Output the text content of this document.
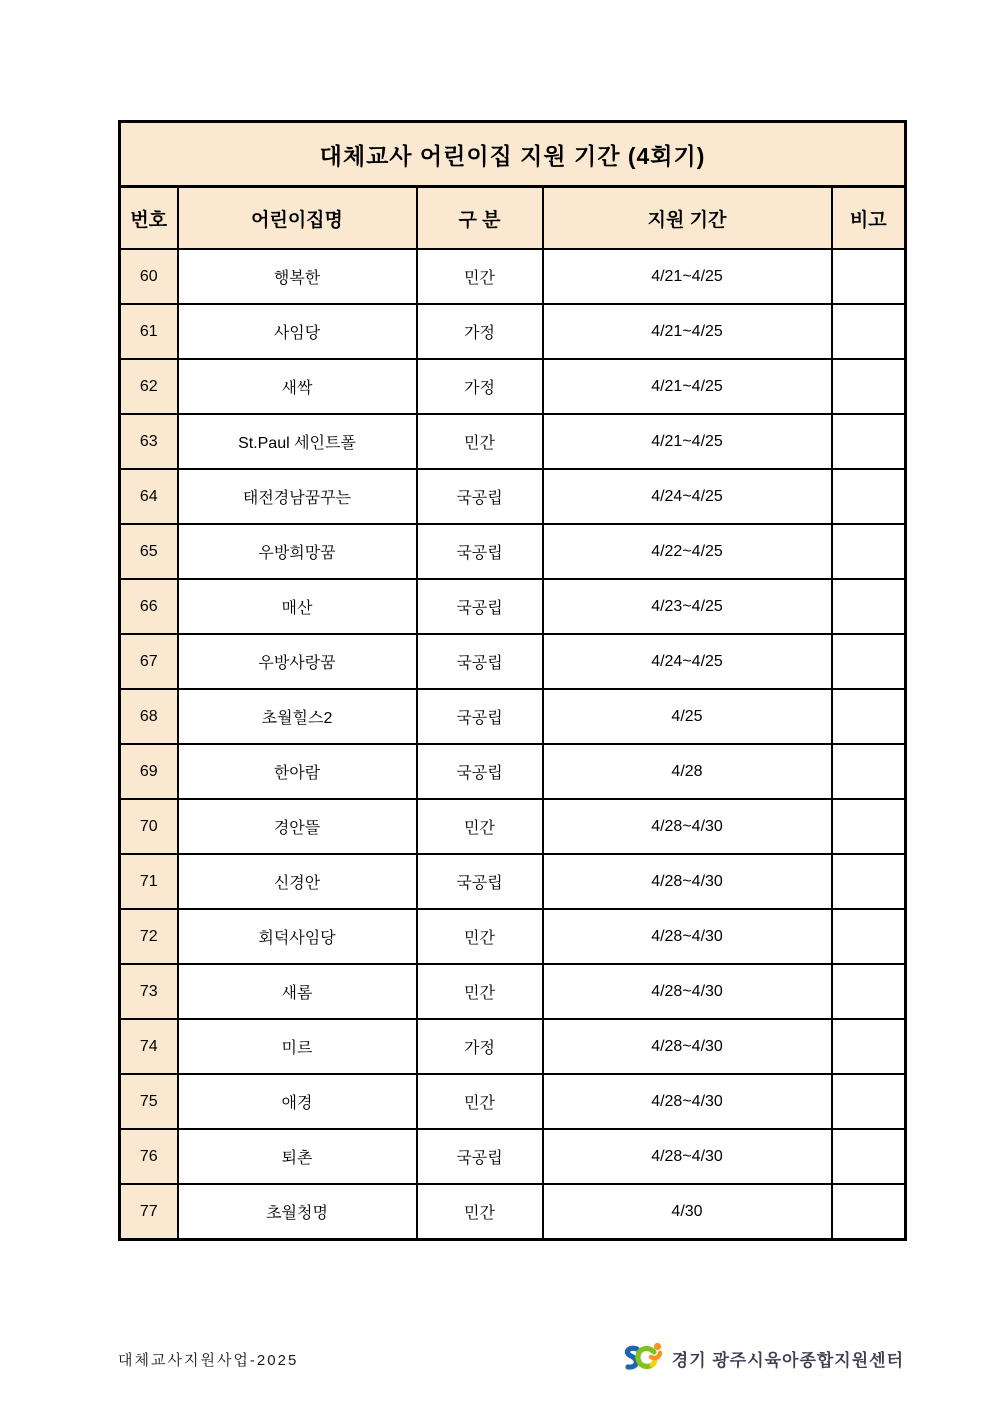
대체교사 어린이집 지원 기간 (4회기)				
번호	어린이집명	구 분	지원 기간	비고
60	행복한	민간	4/21~4/25	
61	사임당	가정	4/21~4/25	
62	새싹	가정	4/21~4/25	
63	St.Paul 세인트폴	민간	4/21~4/25	
64	태전경남꿈꾸는	국공립	4/24~4/25	
65	우방희망꿈	국공립	4/22~4/25	
66	매산	국공립	4/23~4/25	
67	우방사랑꿈	국공립	4/24~4/25	
68	초월힐스2	국공립	4/25	
69	한아람	국공립	4/28	
70	경안뜰	민간	4/28~4/30	
71	신경안	국공립	4/28~4/30	
72	회덕사임당	민간	4/28~4/30	
73	새롬	민간	4/28~4/30	
74	미르	가정	4/28~4/30	
75	애경	민간	4/28~4/30	
76	퇴촌	국공립	4/28~4/30	
77	초월청명	민간	4/30	
대체교사지원사업-2025	경기 광주시육아종합지원센터
